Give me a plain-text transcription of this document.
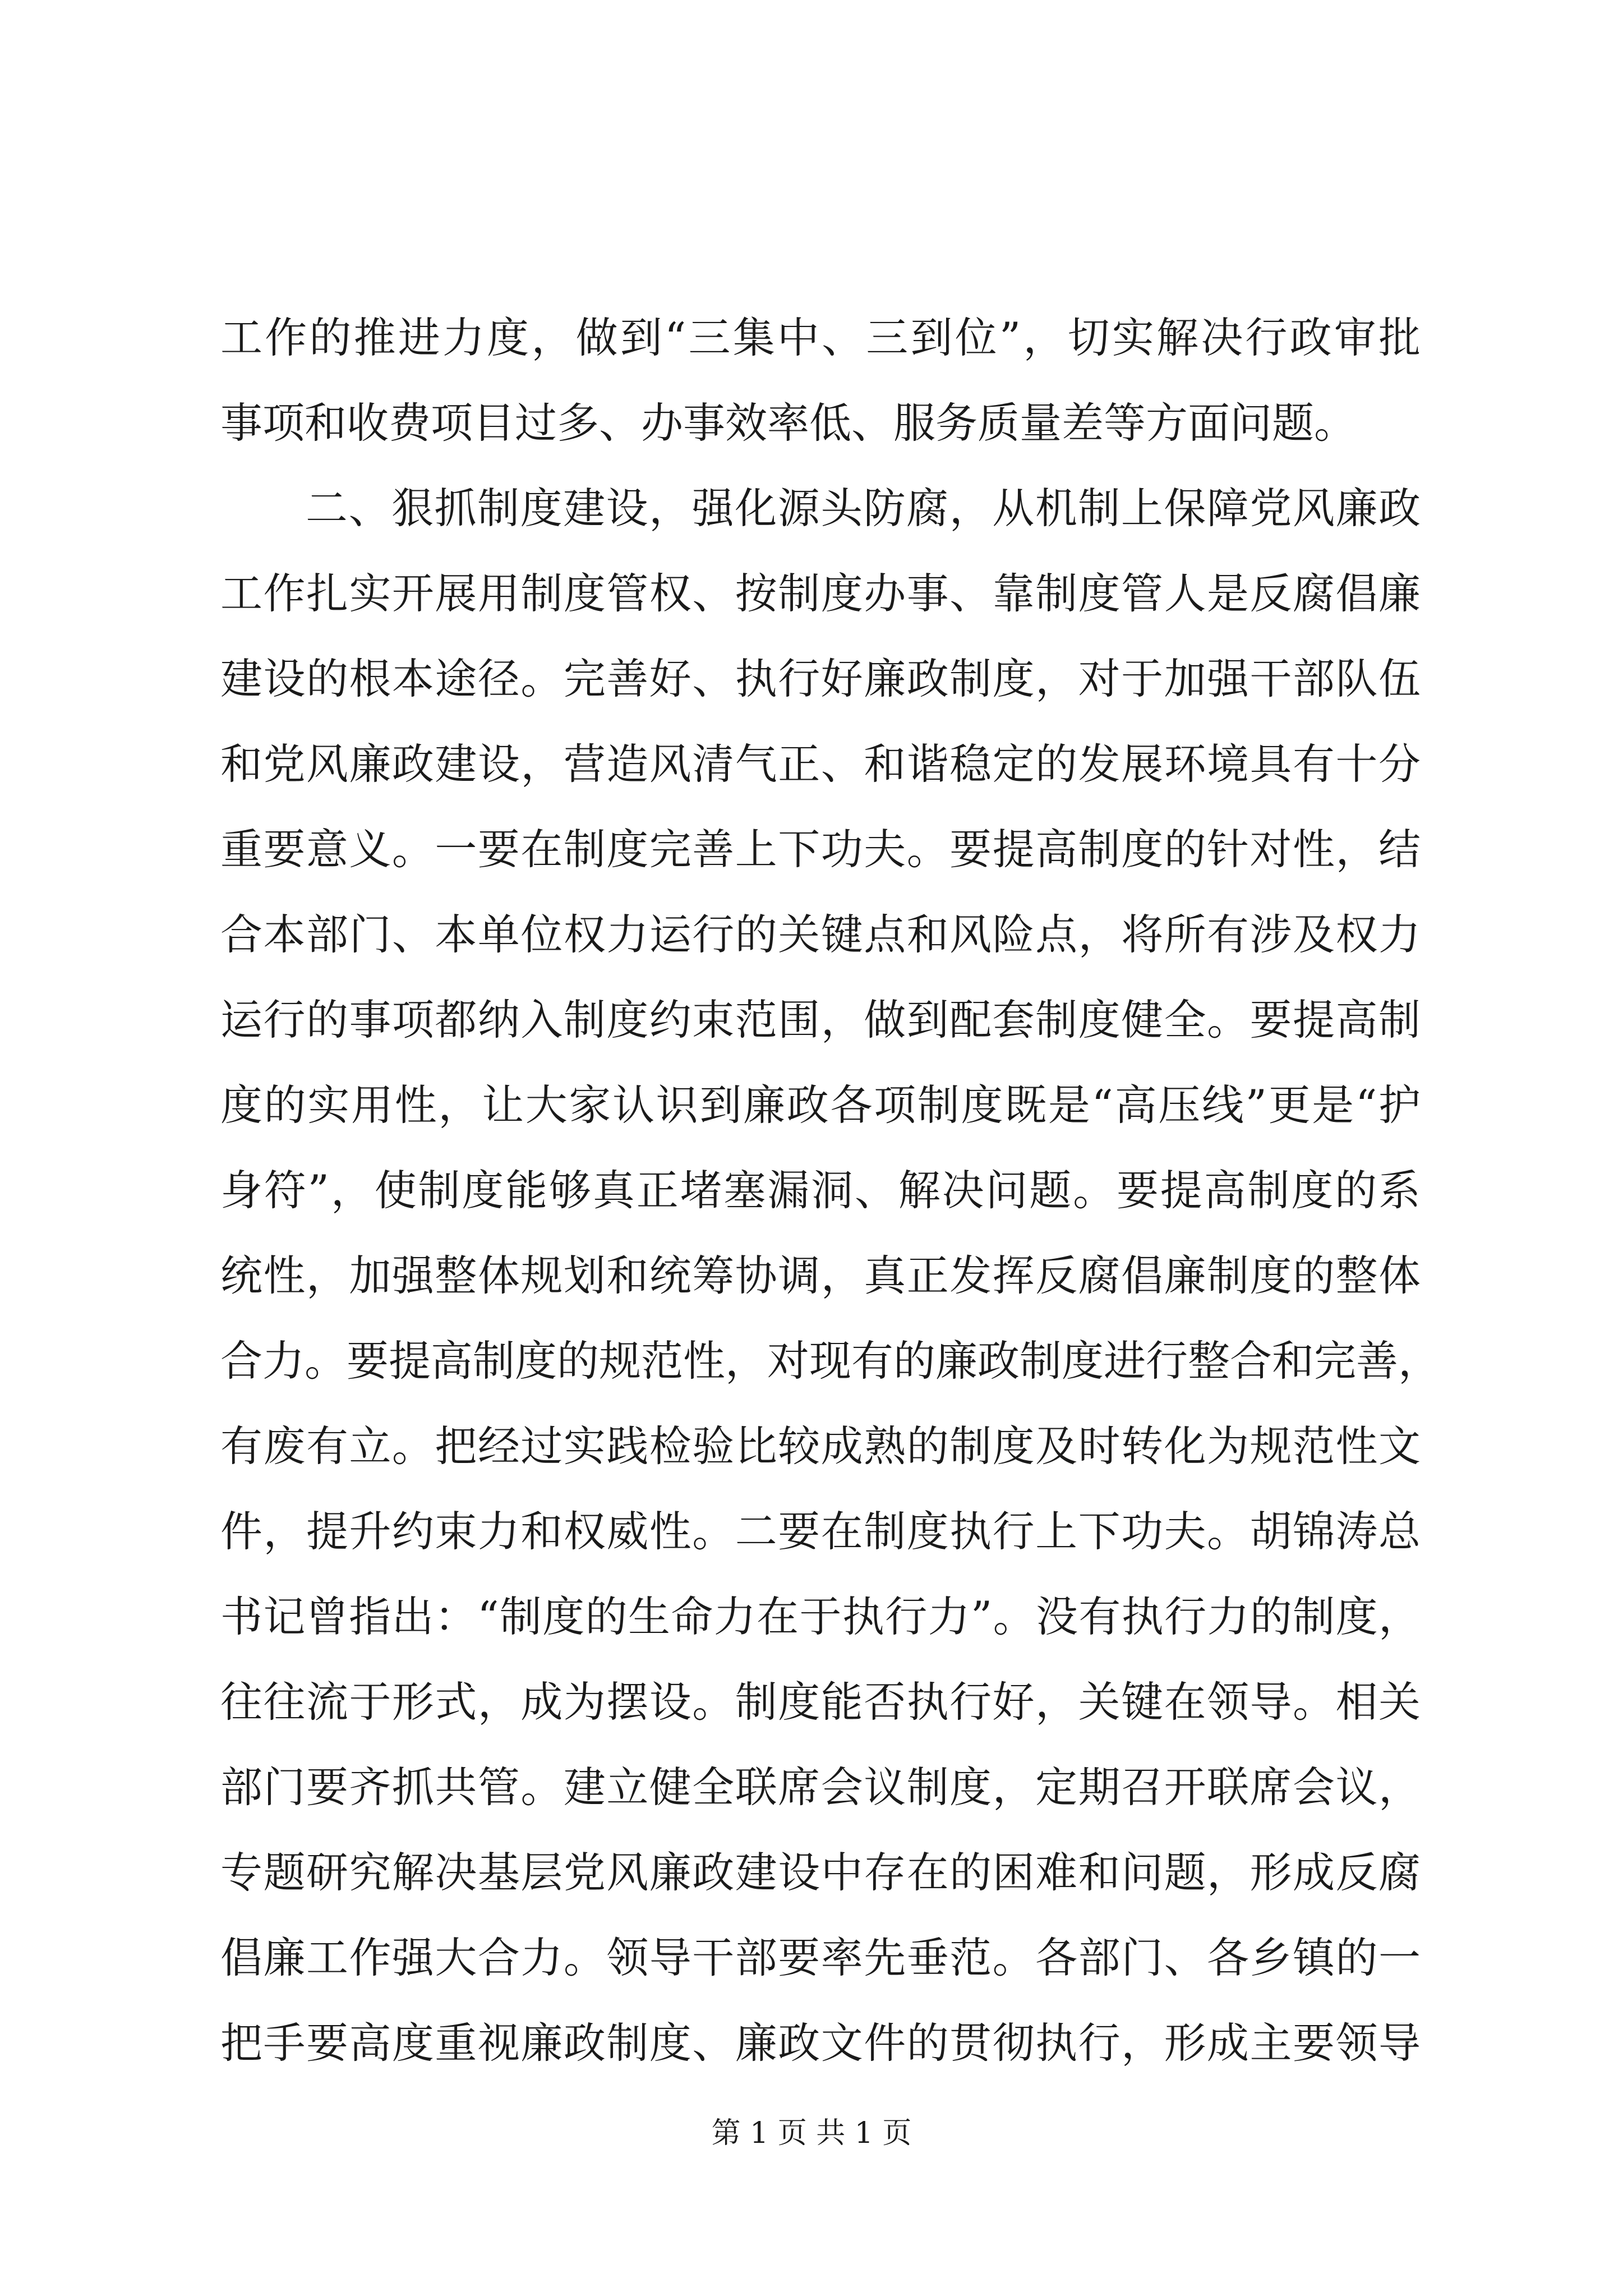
工作的推进力度，做到“三集中、三到位”，切实解决行政审批
事项和收费项目过多、办事效率低、服务质量差等方面问题。
二、狠抓制度建设，强化源头防腐，从机制上保障党风廉政
工作扎实开展用制度管权、按制度办事、靠制度管人是反腐倡廉
建设的根本途径。完善好、执行好廉政制度，对于加强干部队伍
和党风廉政建设，营造风清气正、和谐稳定的发展环境具有十分
重要意义。一要在制度完善上下功夫。要提高制度的针对性，结
合本部门、本单位权力运行的关键点和风险点，将所有涉及权力
运行的事项都纳入制度约束范围，做到配套制度健全。要提高制
度的实用性，让大家认识到廉政各项制度既是“高压线”更是“护
身符”，使制度能够真正堵塞漏洞、解决问题。要提高制度的系
统性，加强整体规划和统筹协调，真正发挥反腐倡廉制度的整体
合力。要提高制度的规范性，对现有的廉政制度进行整合和完善，
有废有立。把经过实践检验比较成熟的制度及时转化为规范性文
件，提升约束力和权威性。二要在制度执行上下功夫。胡锦涛总
书记曾指出：“制度的生命力在于执行力”。没有执行力的制度，
往往流于形式，成为摆设。制度能否执行好，关键在领导。相关
部门要齐抓共管。建立健全联席会议制度，定期召开联席会议，
专题研究解决基层党风廉政建设中存在的困难和问题，形成反腐
倡廉工作强大合力。领导干部要率先垂范。各部门、各乡镇的一
把手要高度重视廉政制度、廉政文件的贯彻执行，形成主要领导
第 1 页 共 1 页
